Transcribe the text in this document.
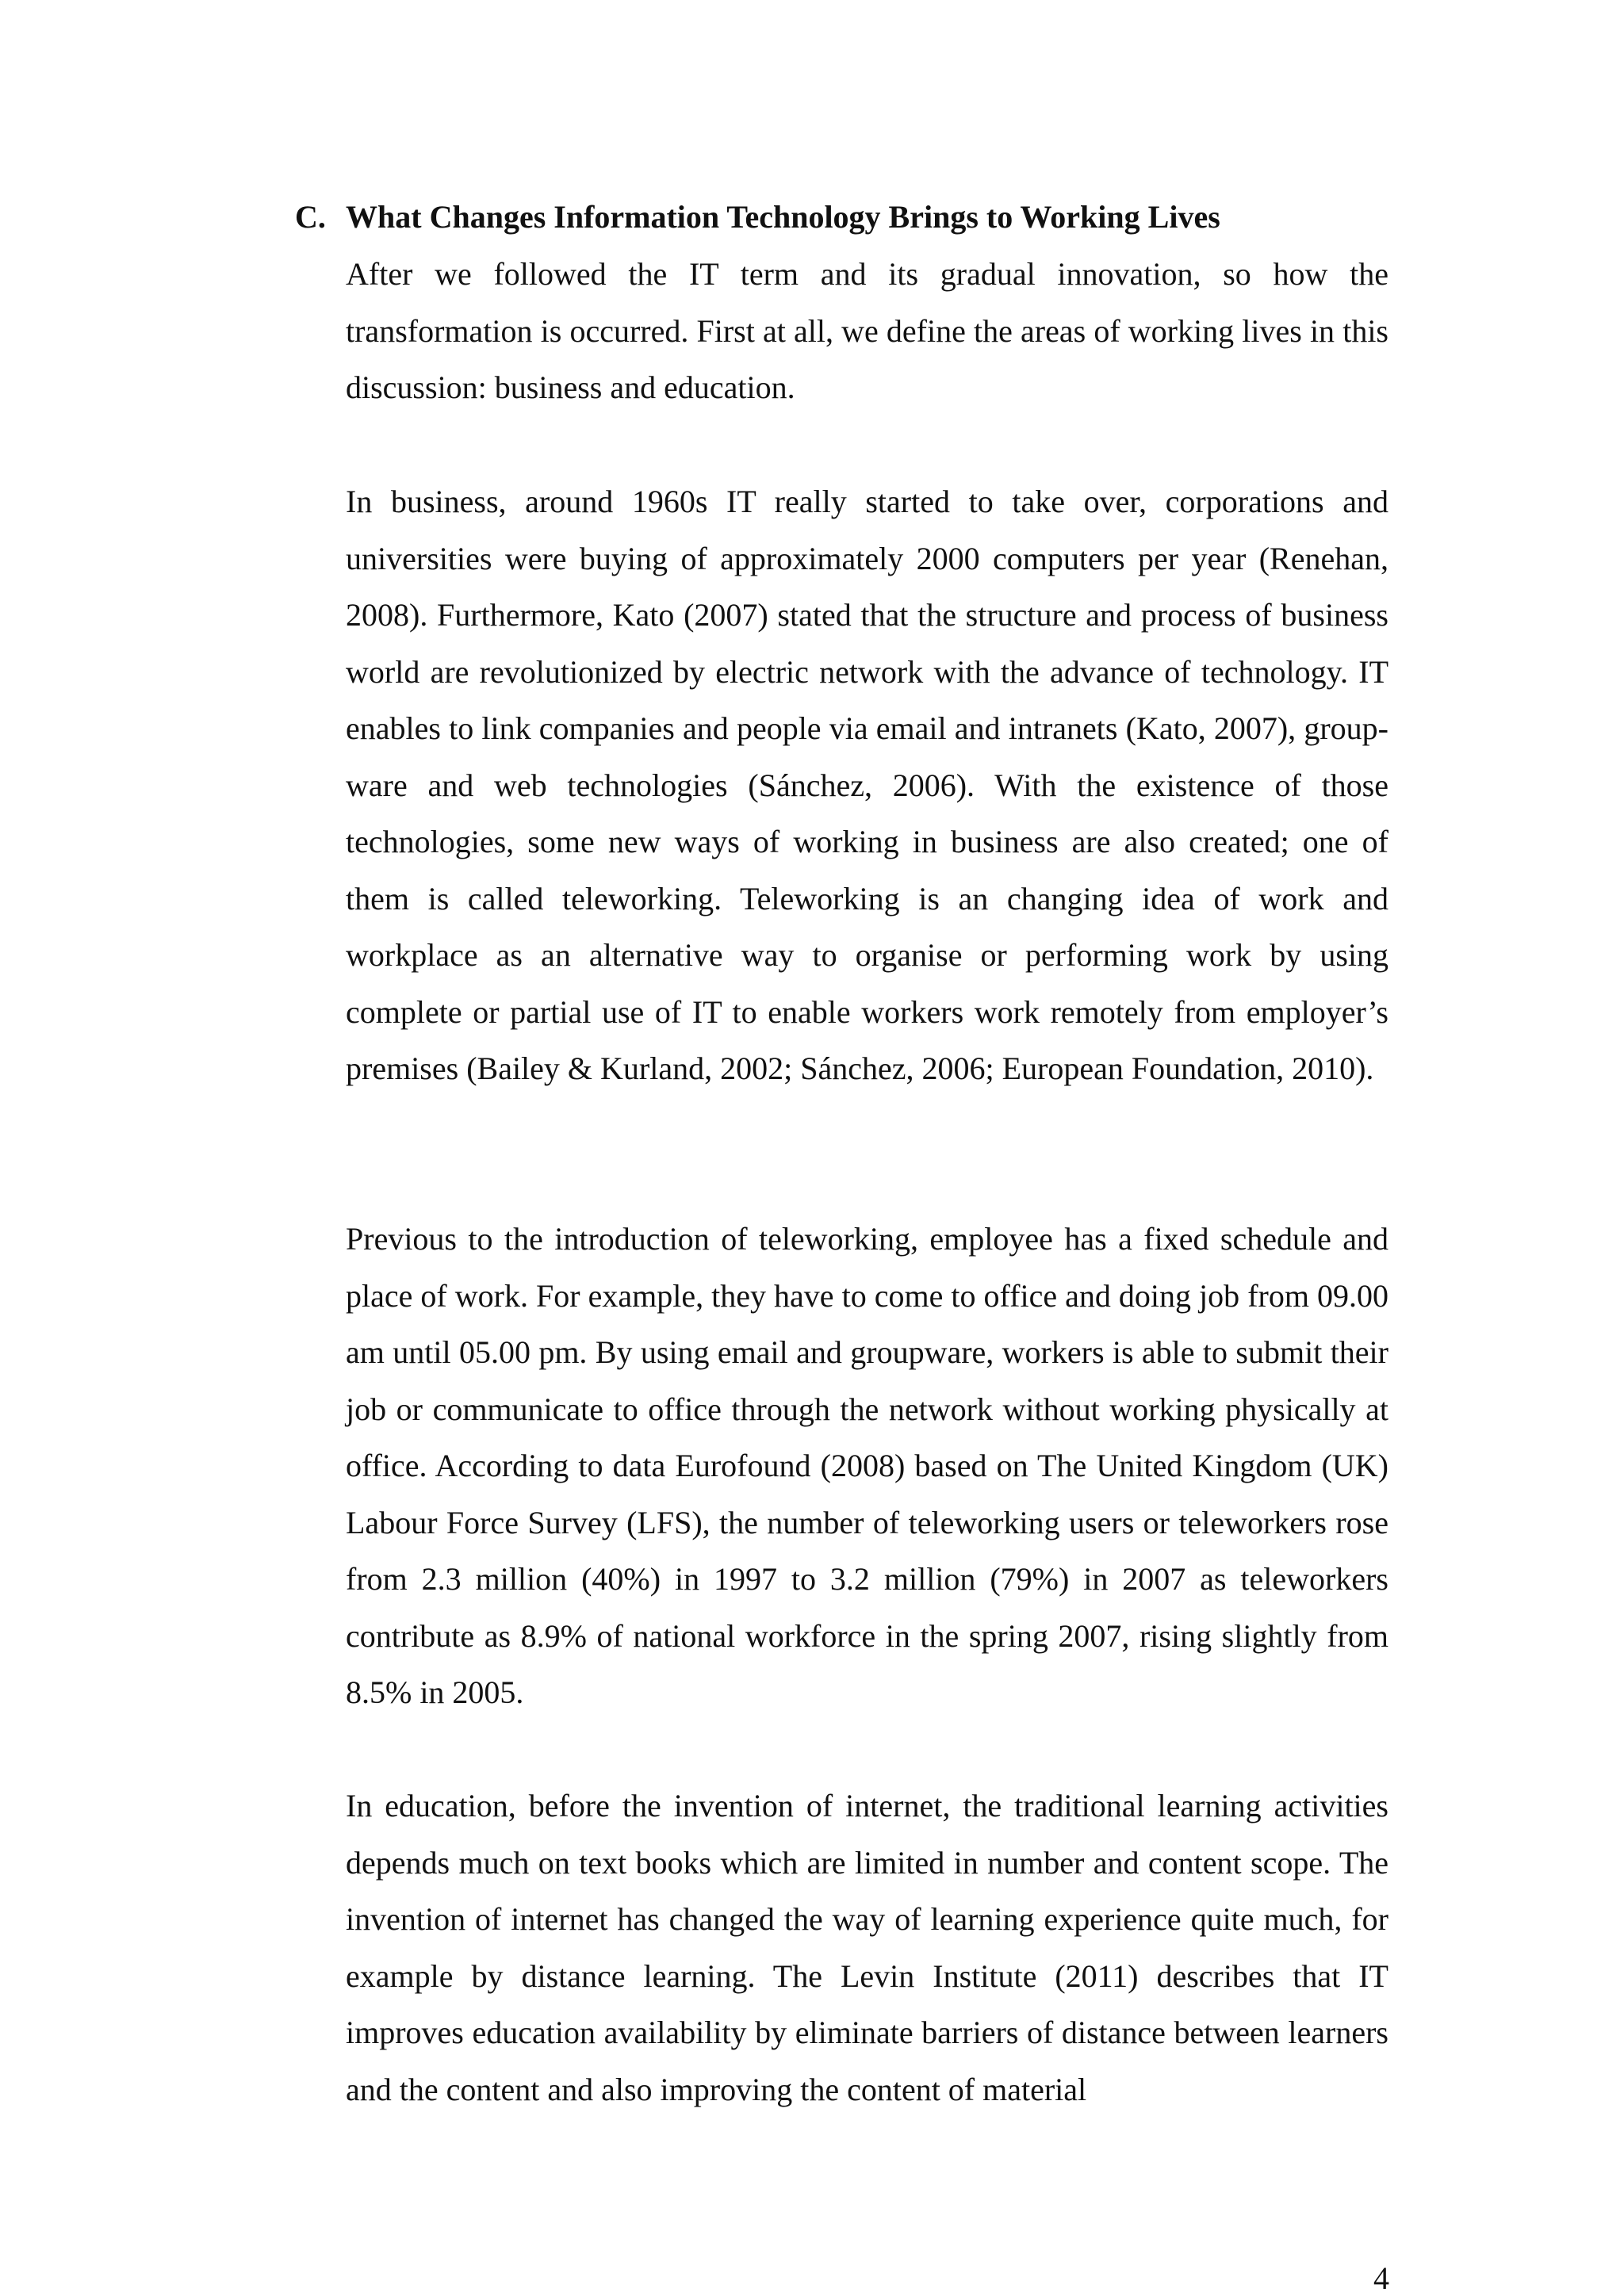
C. What Changes Information Technology Brings to Working Lives

After we followed the IT term and its gradual innovation, so how the transformation is occurred. First at all, we define the areas of working lives in this discussion: business and education.

In business, around 1960s IT really started to take over, corporations and universities were buying of approximately 2000 computers per year (Renehan, 2008). Furthermore, Kato (2007) stated that the structure and process of business world are revolutionized by electric network with the advance of technology. IT enables to link companies and people via email and intranets (Kato, 2007), group-ware and web technologies (Sánchez, 2006). With the existence of those technologies, some new ways of working in business are also created; one of them is called teleworking. Teleworking is an changing idea of work and workplace as an alternative way to organise or performing work by using complete or partial use of IT to enable workers work remotely from employer’s premises (Bailey & Kurland, 2002; Sánchez, 2006; European Foundation, 2010).

Previous to the introduction of teleworking, employee has a fixed schedule and place of work. For example, they have to come to office and doing job from 09.00 am until 05.00 pm. By using email and groupware, workers is able to submit their job or communicate to office through the network without working physically at office. According to data Eurofound (2008) based on The United Kingdom (UK) Labour Force Survey (LFS), the number of teleworking users or teleworkers rose from 2.3 million (40%) in 1997 to 3.2 million (79%) in 2007 as teleworkers contribute as 8.9% of national workforce in the spring 2007, rising slightly from 8.5% in 2005.

In education, before the invention of internet, the traditional learning activities depends much on text books which are limited in number and content scope. The invention of internet has changed the way of learning experience quite much, for example by distance learning. The Levin Institute (2011) describes that IT improves education availability by eliminate barriers of distance between learners and the content and also improving the content of material

4
